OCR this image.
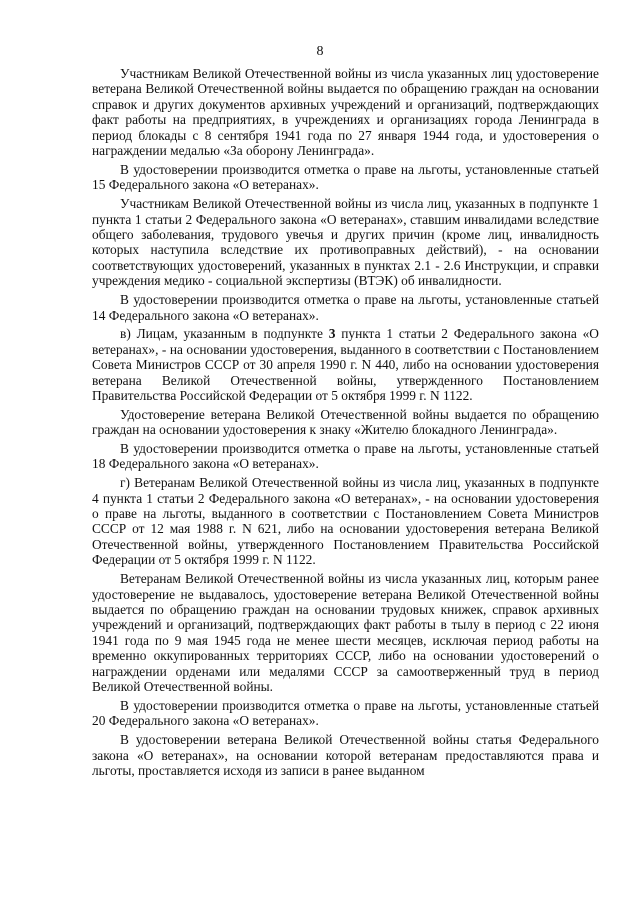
8

Участникам Великой Отечественной войны из числа указанных лиц удостоверение ветерана Великой Отечественной войны выдается по обращению граждан на основании справок и других документов архивных учреждений и организаций, подтверждающих факт работы на предприятиях, в учреждениях и организациях города Ленинграда в период блокады с 8 сентября 1941 года по 27 января 1944 года, и удостоверения о награждении медалью «За оборону Ленинграда».

В удостоверении производится отметка о праве на льготы, установленные статьей 15 Федерального закона «О ветеранах».

Участникам Великой Отечественной войны из числа лиц, указанных в подпункте 1 пункта 1 статьи 2 Федерального закона «О ветеранах», ставшим инвалидами вследствие общего заболевания, трудового увечья и других причин (кроме лиц, инвалидность которых наступила вследствие их противоправных действий), - на основании соответствующих удостоверений, указанных в пунктах 2.1 - 2.6 Инструкции, и справки учреждения медико - социальной экспертизы (ВТЭК) об инвалидности.

В удостоверении производится отметка о праве на льготы, установленные статьей 14 Федерального закона «О ветеранах».

в) Лицам, указанным в подпункте 3 пункта 1 статьи 2 Федерального закона «О ветеранах», - на основании удостоверения, выданного в соответствии с Постановлением Совета Министров СССР от 30 апреля 1990 г. N 440, либо на основании удостоверения ветерана Великой Отечественной войны, утвержденного Постановлением Правительства Российской Федерации от 5 октября 1999 г. N 1122.

Удостоверение ветерана Великой Отечественной войны выдается по обращению граждан на основании удостоверения к знаку «Жителю блокадного Ленинграда».

В удостоверении производится отметка о праве на льготы, установленные статьей 18 Федерального закона «О ветеранах».

г) Ветеранам Великой Отечественной войны из числа лиц, указанных в подпункте 4 пункта 1 статьи 2 Федерального закона «О ветеранах», - на основании удостоверения о праве на льготы, выданного в соответствии с Постановлением Совета Министров СССР от 12 мая 1988 г. N 621, либо на основании удостоверения ветерана Великой Отечественной войны, утвержденного Постановлением Правительства Российской Федерации от 5 октября 1999 г. N 1122.

Ветеранам Великой Отечественной войны из числа указанных лиц, которым ранее удостоверение не выдавалось, удостоверение ветерана Великой Отечественной войны выдается по обращению граждан на основании трудовых книжек, справок архивных учреждений и организаций, подтверждающих факт работы в тылу в период с 22 июня 1941 года по 9 мая 1945 года не менее шести месяцев, исключая период работы на временно оккупированных территориях СССР, либо на основании удостоверений о награждении орденами или медалями СССР за самоотверженный труд в период Великой Отечественной войны.

В удостоверении производится отметка о праве на льготы, установленные статьей 20 Федерального закона «О ветеранах».

В удостоверении ветерана Великой Отечественной войны статья Федерального закона «О ветеранах», на основании которой ветеранам предоставляются права и льготы, проставляется исходя из записи в ранее выданном
